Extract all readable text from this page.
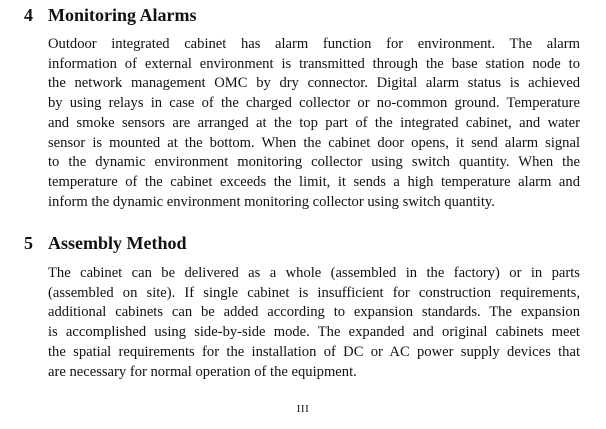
4 Monitoring Alarms

Outdoor integrated cabinet has alarm function for environment. The alarm
information of external environment is transmitted through the base station node to
the network management OMC by dry connector. Digital alarm status is achieved
by using relays in case of the charged collector or no-common ground. Temperature
and smoke sensors are arranged at the top part of the integrated cabinet, and water
sensor is mounted at the bottom. When the cabinet door opens, it send alarm signal
to the dynamic environment monitoring collector using switch quantity. When the
temperature of the cabinet exceeds the limit, it sends a high temperature alarm and
inform the dynamic environment monitoring collector using switch quantity.

5 Assembly Method

The cabinet can be delivered as a whole (assembled in the factory) or in parts
(assembled on site). If single cabinet is insufficient for construction requirements,
additional cabinets can be added according to expansion standards. The expansion
is accomplished using side-by-side mode. The expanded and original cabinets meet
the spatial requirements for the installation of DC or AC power supply devices that
are necessary for normal operation of the equipment.

III
